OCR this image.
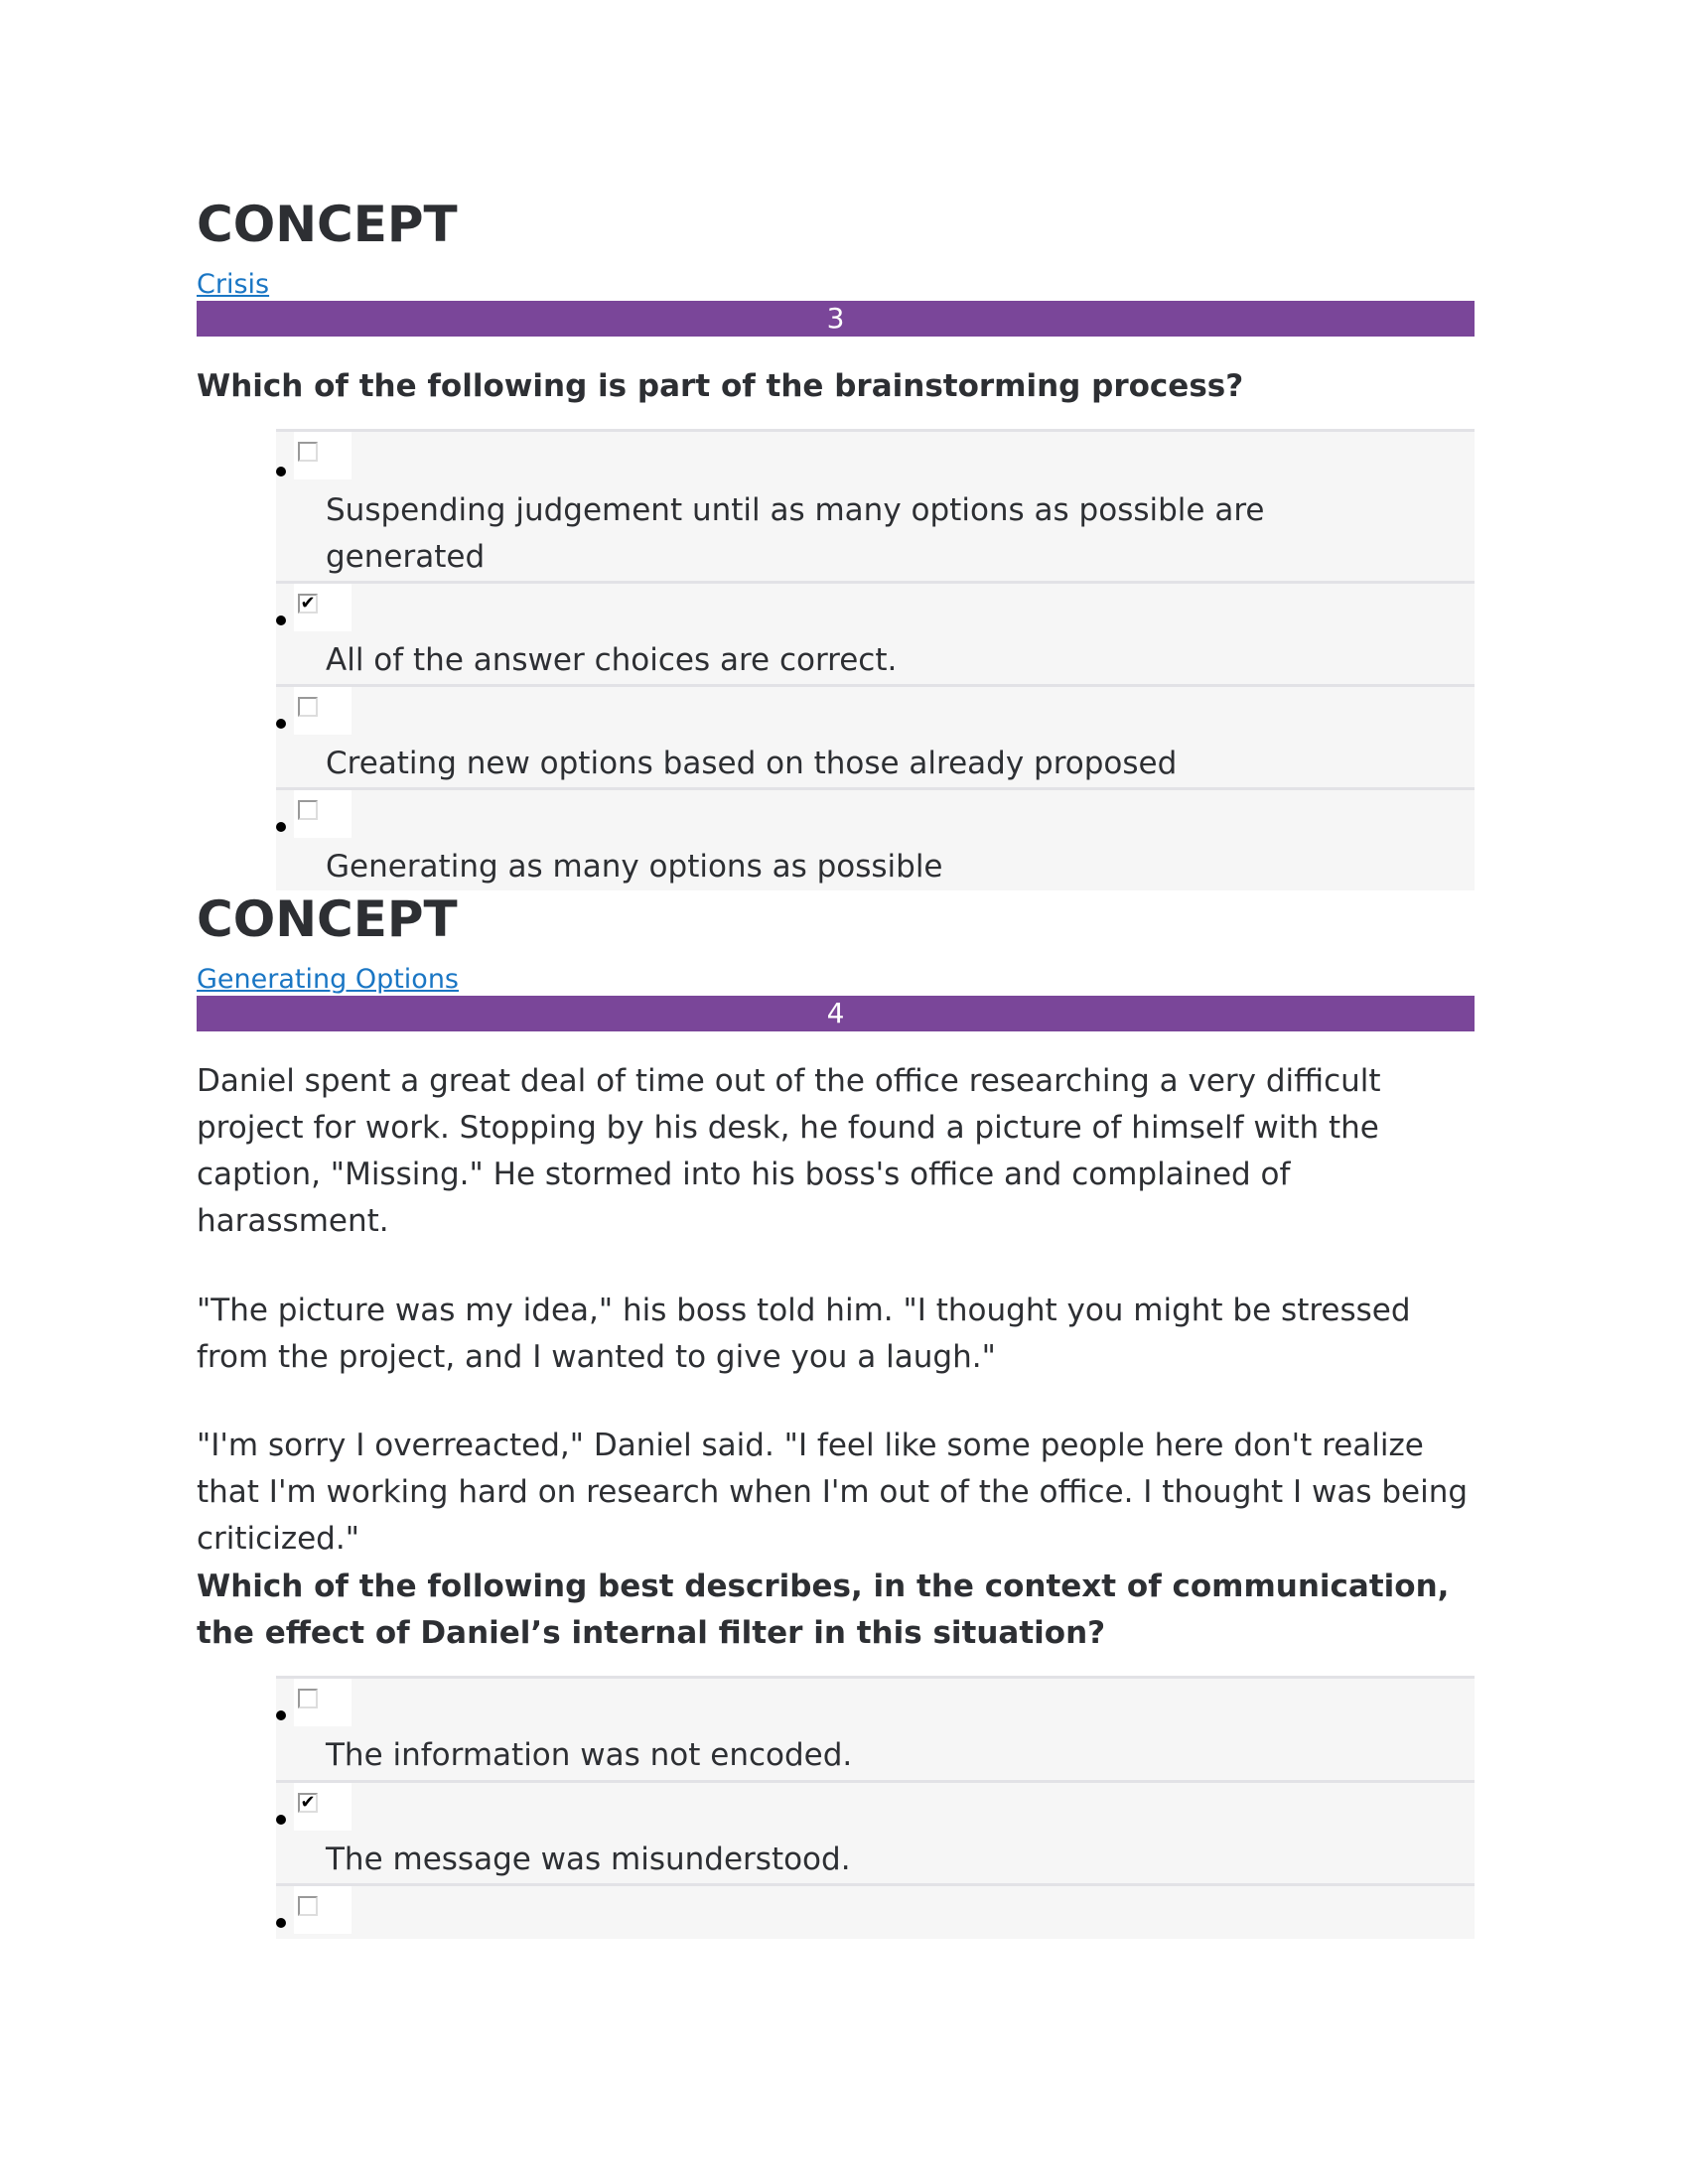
CONCEPT
Crisis
3

Which of the following is part of the brainstorming process?

Suspending judgement until as many options as possible are generated
✔
All of the answer choices are correct.
Creating new options based on those already proposed
Generating as many options as possible
CONCEPT
Generating Options
4

Daniel spent a great deal of time out of the office researching a very difficult project for work. Stopping by his desk, he found a picture of himself with the caption, "Missing." He stormed into his boss's office and complained of harassment.

"The picture was my idea," his boss told him. "I thought you might be stressed from the project, and I wanted to give you a laugh."

"I'm sorry I overreacted," Daniel said. "I feel like some people here don't realize that I'm working hard on research when I'm out of the office. I thought I was being criticized."

Which of the following best describes, in the context of communication, the effect of Daniel’s internal filter in this situation?

The information was not encoded.
✔
The message was misunderstood.
